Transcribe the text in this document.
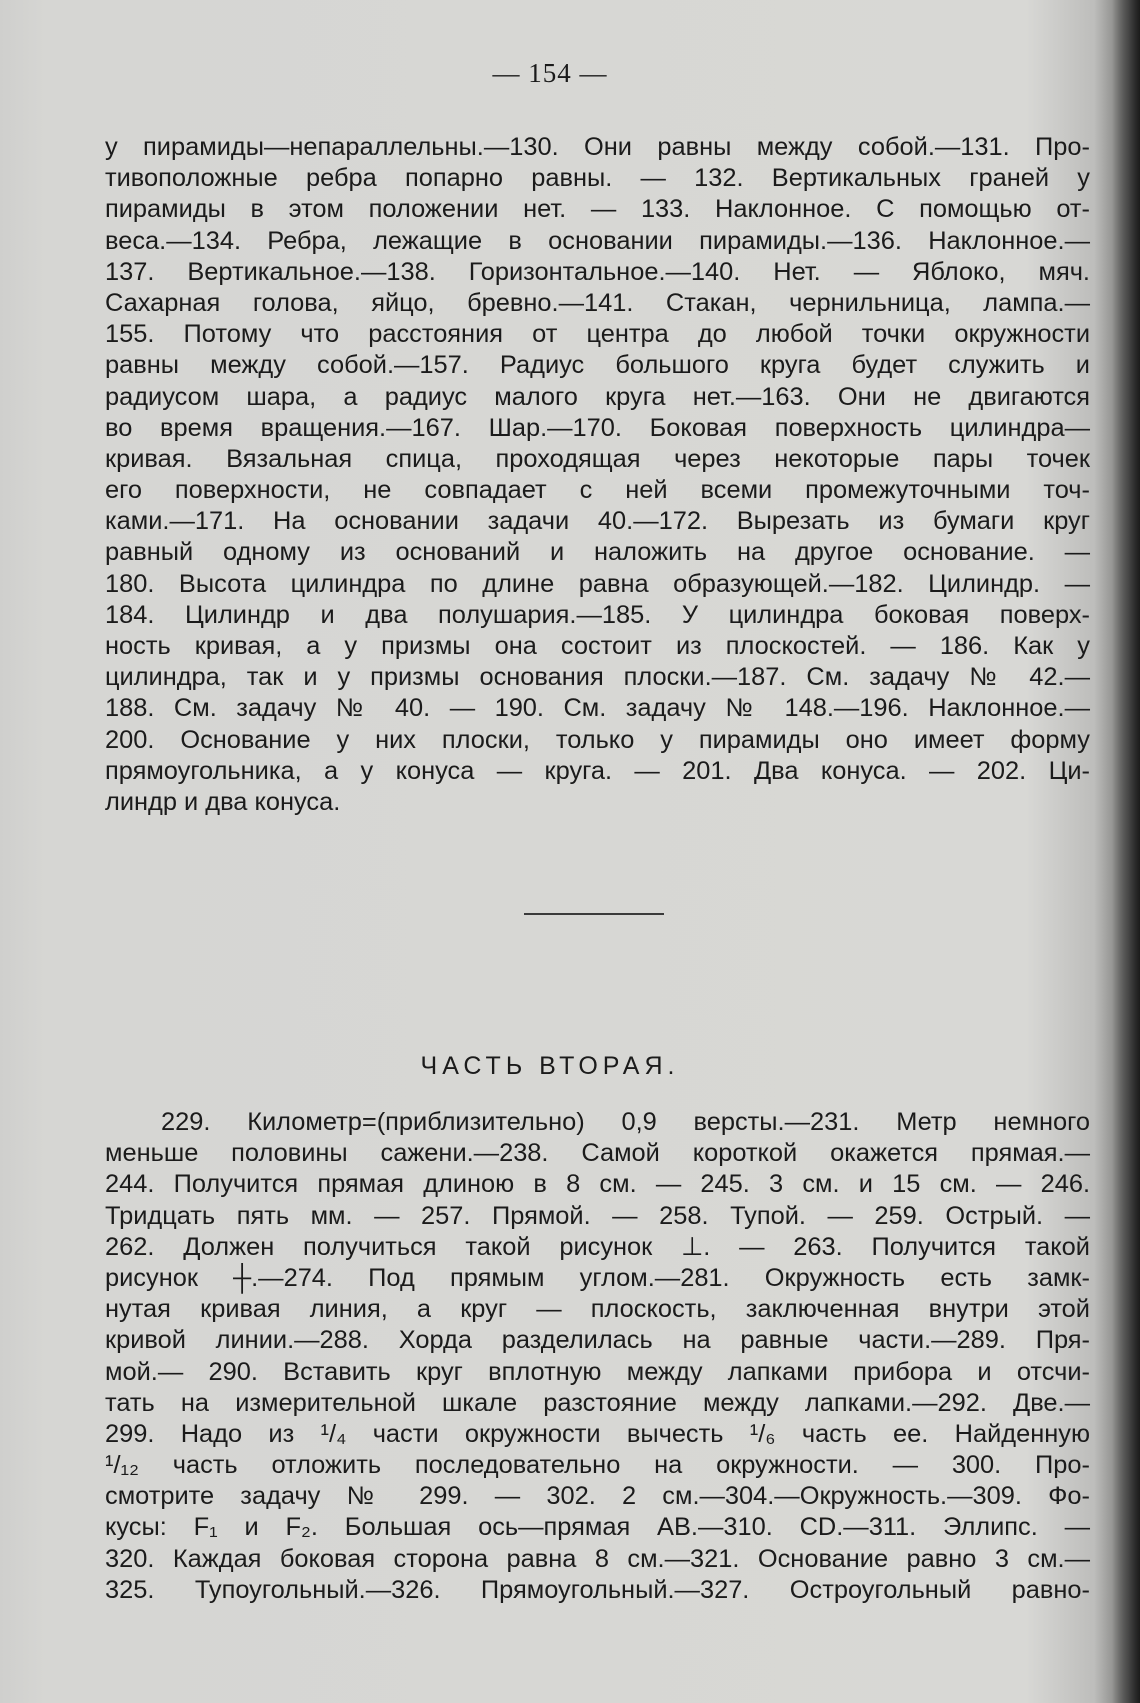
— 154 —
у пирамиды—непараллельны.—130. Они равны между собой.—131. Про-
тивоположные ребра попарно равны. — 132. Вертикальных граней у
пирамиды в этом положении нет. — 133. Наклонное. С помощью от-
веса.—134. Ребра, лежащие в основании пирамиды.—136. Наклонное.—
137. Вертикальное.—138. Горизонтальное.—140. Нет. — Яблоко, мяч.
Сахарная голова, яйцо, бревно.—141. Стакан, чернильница, лампа.—
155. Потому что расстояния от центра до любой точки окружности
равны между собой.—157. Радиус большого круга будет служить и
радиусом шара, а радиус малого круга нет.—163. Они не двигаются
во время вращения.—167. Шар.—170. Боковая поверхность цилиндра—
кривая. Вязальная спица, проходящая через некоторые пары точек
его поверхности, не совпадает с ней всеми промежуточными точ-
ками.—171. На основании задачи 40.—172. Вырезать из бумаги круг
равный одному из оснований и наложить на другое основание. —
180. Высота цилиндра по длине равна образующей.—182. Цилиндр. —
184. Цилиндр и два полушария.—185. У цилиндра боковая поверх-
ность кривая, а у призмы она состоит из плоскостей. — 186. Как у
цилиндра, так и у призмы основания плоски.—187. См. задачу № 42.—
188. См. задачу № 40. — 190. См. задачу № 148.—196. Наклонное.—
200. Основание у них плоски, только у пирамиды оно имеет форму
прямоугольника, а у конуса — круга. — 201. Два конуса. — 202. Ци-
линдр и два конуса.
ЧАСТЬ ВТОРАЯ.
229. Километр=(приблизительно) 0,9 версты.—231. Метр немного
меньше половины сажени.—238. Самой короткой окажется прямая.—
244. Получится прямая длиною в 8 см. — 245. 3 см. и 15 см. — 246.
Тридцать пять мм. — 257. Прямой. — 258. Тупой. — 259. Острый. —
262. Должен получиться такой рисунок ⊥. — 263. Получится такой
рисунок ┼.—274. Под прямым углом.—281. Окружность есть замк-
нутая кривая линия, а круг — плоскость, заключенная внутри этой
кривой линии.—288. Хорда разделилась на равные части.—289. Пря-
мой.— 290. Вставить круг вплотную между лапками прибора и отсчи-
тать на измерительной шкале разстояние между лапками.—292. Две.—
299. Надо из ¹/₄ части окружности вычесть ¹/₆ часть ее. Найденную
¹/₁₂ часть отложить последовательно на окружности. — 300. Про-
смотрите задачу № 299. — 302. 2 см.—304.—Окружность.—309. Фо-
кусы: F₁ и F₂. Большая ось—прямая AB.—310. CD.—311. Эллипс. —
320. Каждая боковая сторона равна 8 см.—321. Основание равно 3 см.—
325. Тупоугольный.—326. Прямоугольный.—327. Остроугольный равно-
